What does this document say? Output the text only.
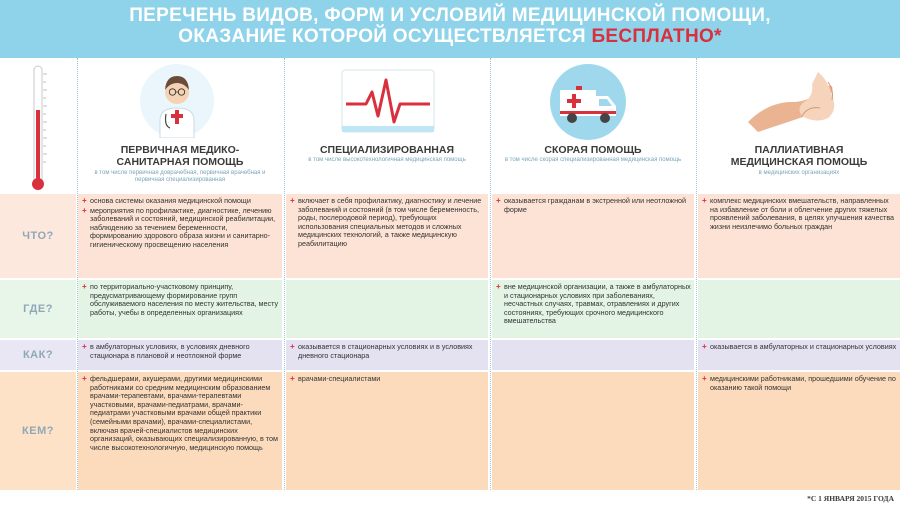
ПЕРЕЧЕНЬ ВИДОВ, ФОРМ И УСЛОВИЙ МЕДИЦИНСКОЙ ПОМОЩИ,
ОКАЗАНИЕ КОТОРОЙ ОСУЩЕСТВЛЯЕТСЯ БЕСПЛАТНО*
ЧТО?
ГДЕ?
КАК?
КЕМ?
ПЕРВИЧНАЯ МЕДИКО-
САНИТАРНАЯ ПОМОЩЬ
в том числе первичная доврачебная, первичная врачебная и первичная специализированная
+ основа системы оказания медицинской помощи
+ мероприятия по профилактике, диагностике, лечению заболеваний и состояний, медицинской реабилитации, наблюдению за течением беременности, формированию здорового образа жизни и санитарно-гигиеническому просвещению населения
+ по территориально-участковому принципу, предусматривающему формирование групп обслуживаемого населения по месту жительства, месту работы, учебы в определенных организациях
+ в амбулаторных условиях, в условиях дневного стационара в плановой и неотложной форме
+ фельдшерами, акушерами, другими медицинскими работниками со средним медицинским образованием врачами-терапевтами, врачами-терапевтами участковыми, врачами-педиатрами, врачами-педиатрами участковыми врачами общей практики (семейными врачами), врачами-специалистами, включая врачей-специалистов медицинских организаций, оказывающих специализированную, в том числе высокотехнологичную, медицинскую помощь
СПЕЦИАЛИЗИРОВАННАЯ
в том числе высокотехнологичная медицинская помощь
+ включает в себя профилактику, диагностику и лечение заболеваний и состояний (в том числе беременность, роды, послеродовой период), требующих использования специальных методов и сложных медицинских технологий, а также медицинскую реабилитацию
+ оказывается в стационарных условиях и в условиях дневного стационара
+ врачами-специалистами
СКОРАЯ ПОМОЩЬ
в том числе скорая специализированная медицинская помощь
+ оказывается гражданам в экстренной или неотложной форме
+ вне медицинской организации, а также в амбулаторных и стационарных условиях при заболеваниях, несчастных случаях, травмах, отравлениях и других состояниях, требующих срочного медицинского вмешательства
ПАЛЛИАТИВНАЯ
МЕДИЦИНСКАЯ ПОМОЩЬ
в медицинских организациях
+ комплекс медицинских вмешательств, направленных на избавление от боли и облегчение других тяжелых проявлений заболевания, в целях улучшения качества жизни неизлечимо больных граждан
+ оказывается в амбулаторных и стационарных условиях
+ медицинскими работниками, прошедшими обучение по оказанию такой помощи
*С 1 ЯНВАРЯ 2015 ГОДА
